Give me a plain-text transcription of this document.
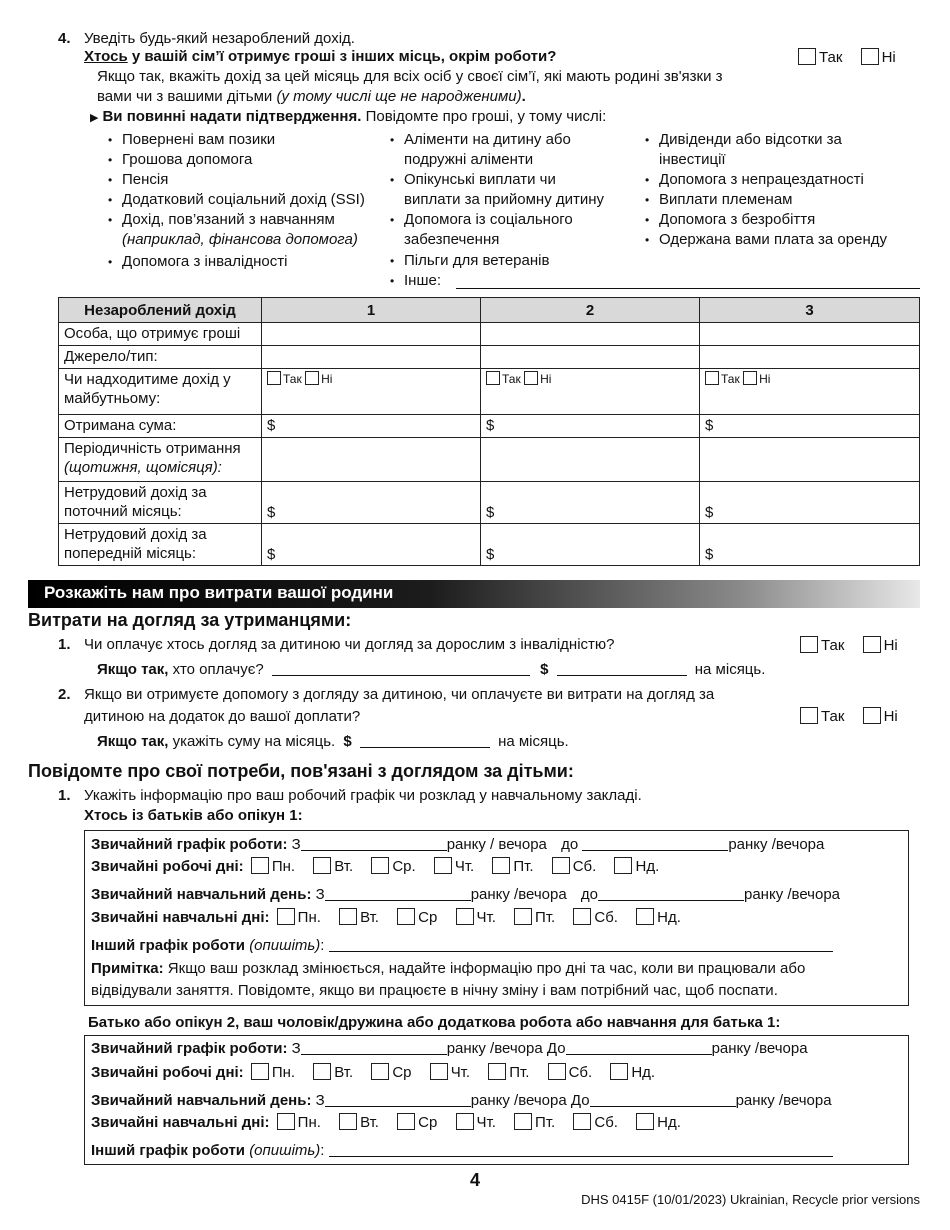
4. Уведіть будь-який незароблений дохід.
Хтось у вашій сім’ї отримує гроші з інших місць, окрім роботи?	Так	Ні
Якщо так, вкажіть дохід за цей місяць для всіх осіб у своєї сім’ї, які мають родині зв'язки з
вами чи з вашими дітьми (у тому числі ще не народженими).
▶ Ви повинні надати підтвердження. Повідомте про гроші, у тому числі:
• Повернені вам позики
• Грошова допомога
• Пенсія
• Додатковий соціальний дохід (SSI)
• Дохід, пов’язаний з навчанням
(наприклад, фінансова допомога)
• Допомога з інвалідності
• Аліменти на дитину або
подружні аліменти
• Опікунські виплати чи
виплати за прийомну дитину
• Допомога із соціального
забезпечення
• Пільги для ветеранів
• Інше:
• Дивіденди або відсотки за
інвестиції
• Допомога з непрацездатності
• Виплати племенам
• Допомога з безробіття
• Одержана вами плата за оренду
Незароблений дохід	1	2	3
Особа, що отримує гроші			
Джерело/тип:			
Чи надходитиме дохід у
майбутньому:	Так Ні	Так Ні	Так Ні
Отримана сума:	$	$	$
Періодичність отримання
(щотижня, щомісяця):			
Нетрудовий дохід за
поточний місяць:	$	$	$
Нетрудовий дохід за
попередній місяць:	$	$	$
Розкажіть нам про витрати вашої родини
Витрати на догляд за утриманцями:
1. Чи оплачує хтось догляд за дитиною чи догляд за дорослим з інвалідністю?	Так	Ні
Якщо так, хто оплачує?	$	на місяць.
2. Якщо ви отримуєте допомогу з догляду за дитиною, чи оплачуєте ви витрати на догляд за
дитиною на додаток до вашої доплати?	Так	Ні
Якщо так, укажіть суму на місяць. $	на місяць.
Повідомте про свої потреби, пов'язані з доглядом за дітьми:
1. Укажіть інформацію про ваш робочий графік чи розклад у навчальному закладі.
Хтось із батьків або опікун 1:
Звичайний графік роботи: З	ранку / вечора до	ранку /вечора
Звичайні робочі дні: Пн.	Вт.	Ср.	Чт.	Пт.	Сб.	Нд.
Звичайний навчальний день: З	ранку /вечора до	ранку /вечора
Звичайні навчальні дні: Пн.	Вт.	Ср	Чт.	Пт.	Сб.	Нд.
Інший графік роботи (опишіть):
Примітка: Якщо ваш розклад змінюється, надайте інформацію про дні та час, коли ви працювали або
відвідували заняття. Повідомте, якщо ви працюєте в нічну зміну і вам потрібний час, щоб поспати.
Батько або опікун 2, ваш чоловік/дружина або додаткова робота або навчання для батька 1:
Звичайний графік роботи: З	ранку /вечора До	ранку /вечора
Звичайні робочі дні: Пн.	Вт.	Ср	Чт.	Пт.	Сб.	Нд.
Звичайний навчальний день: З	ранку /вечора До	ранку /вечора
Звичайні навчальні дні: Пн.	Вт.	Ср	Чт.	Пт.	Сб.	Нд.
Інший графік роботи (опишіть):
4
DHS 0415F (10/01/2023) Ukrainian, Recycle prior versions
